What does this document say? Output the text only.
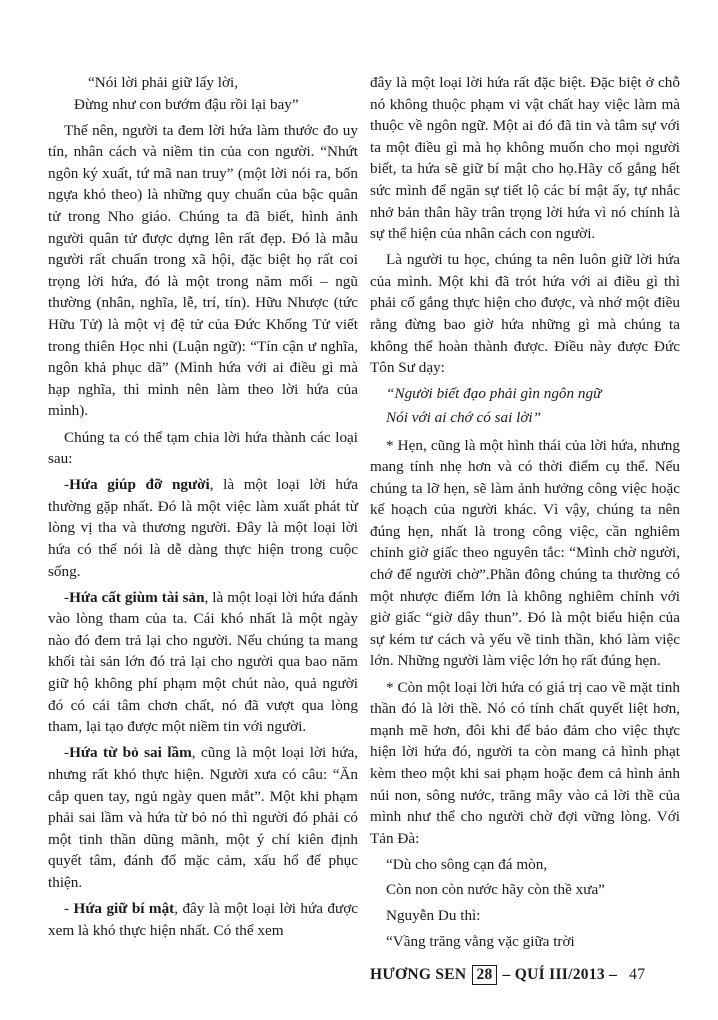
“Nói lời phải giữ lấy lời,

Đừng như con bướm đậu rồi lại bay”

Thế nên, người ta đem lời hứa làm thước đo uy tín, nhân cách và niềm tin của con người. “Nhứt ngôn ký xuất, tứ mã nan truy” (một lời nói ra, bốn ngựa khó theo) là những quy chuẩn của bậc quân tử trong Nho giáo. Chúng ta đã biết, hình ảnh người quân tử được dựng lên rất đẹp. Đó là mẫu người rất chuẩn trong xã hội, đặc biệt họ rất coi trọng lời hứa, đó là một trong năm mối – ngũ thường (nhân, nghĩa, lễ, trí, tín). Hữu Nhược (tức Hữu Tử) là một vị đệ tử của Đức Khổng Tử viết trong thiên Học nhi (Luận ngữ): “Tín cận ư nghĩa, ngôn khả phục dã” (Mình hứa với ai điều gì mà hạp nghĩa, thì mình nên làm theo lời hứa của mình).

Chúng ta có thể tạm chia lời hứa thành các loại sau:

-Hứa giúp đỡ người, là một loại lời hứa thường gặp nhất. Đó là một việc làm xuất phát từ lòng vị tha và thương người. Đây là một loại lời hứa có thể nói là dễ dàng thực hiện trong cuộc sống.

-Hứa cất giùm tài sản, là một loại lời hứa đánh vào lòng tham của ta. Cái khó nhất là một ngày nào đó đem trả lại cho người. Nếu chúng ta mang khối tài sản lớn đó trả lại cho người qua bao năm giữ hộ không phí phạm một chút nào, quả người đó có cái tâm chơn chất, nó đã vượt qua lòng tham, lại tạo được một niềm tin với người.

-Hứa từ bỏ sai lầm, cũng là một loại lời hứa, nhưng rất khó thực hiện. Người xưa có câu: “Ăn cắp quen tay, ngủ ngày quen mắt”. Một khi phạm phải sai lầm và hứa từ bỏ nó thì người đó phải có một tinh thần dũng mãnh, một ý chí kiên định quyết tâm, đánh đổ mặc cảm, xấu hổ để phục thiện.

- Hứa giữ bí mật, đây là một loại lời hứa được xem là khó thực hiện nhất. Có thể xem

đây là một loại lời hứa rất đặc biệt. Đặc biệt ở chỗ nó không thuộc phạm vi vật chất hay việc làm mà thuộc về ngôn ngữ. Một ai đó đã tin và tâm sự với ta một điều gì mà họ không muốn cho mọi người biết, ta hứa sẽ giữ bí mật cho họ.Hãy cố gắng hết sức mình để ngăn sự tiết lộ các bí mật ấy, tự nhắc nhở bản thân hãy trân trọng lời hứa vì nó chính là sự thể hiện của nhân cách con người.

Là người tu học, chúng ta nên luôn giữ lời hứa của mình. Một khi đã trót hứa với ai điều gì thì phải cố gắng thực hiện cho được, và nhớ một điều rằng đừng bao giờ hứa những gì mà chúng ta không thể hoàn thành được. Điều này được Đức Tôn Sư dạy:

“Người biết đạo phải gìn ngôn ngữ

Nói với ai chớ có sai lời”

* Hẹn, cũng là một hình thái của lời hứa, nhưng mang tính nhẹ hơn và có thời điểm cụ thể. Nếu chúng ta lỡ hẹn, sẽ làm ảnh hưởng công việc hoặc kế hoạch của người khác. Vì vậy, chúng ta nên đúng hẹn, nhất là trong công việc, cần nghiêm chỉnh giờ giấc theo nguyên tắc: “Mình chờ người, chớ để người chờ”.Phần đông chúng ta thường có một nhược điểm lớn là không nghiêm chỉnh với giờ giấc “giờ dây thun”. Đó là một biểu hiện của sự kém tư cách và yếu về tinh thần, khó làm việc lớn. Những người làm việc lớn họ rất đúng hẹn.

* Còn một loại lời hứa có giá trị cao về mặt tinh thần đó là lời thề. Nó có tính chất quyết liệt hơn, mạnh mẽ hơn, đôi khi để bảo đảm cho việc thực hiện lời hứa đó, người ta còn mang cả hình phạt kèm theo một khi sai phạm hoặc đem cả hình ảnh núi non, sông nước, trăng mây vào cả lời thề của mình như thể cho người chờ đợi vững lòng. Với Tản Đà:

“Dù cho sông cạn đá mòn,

Còn non còn nước hãy còn thề xưa”

Nguyễn Du thì:

“Vầng trăng vằng vặc giữa trời

HƯƠNG SEN 28 – QUÍ III/2013 – 47
